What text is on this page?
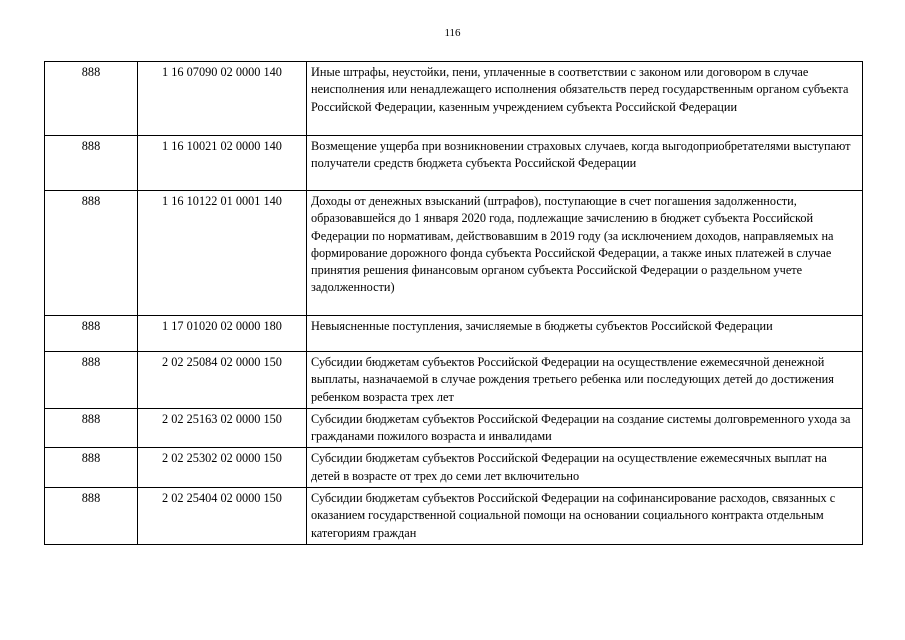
116
888	1 16 07090 02 0000 140	Иные штрафы, неустойки, пени, уплаченные в соответствии с законом или договором в случае неисполнения или ненадлежащего исполнения обязательств перед государственным органом субъекта Российской Федерации, казенным учреждением субъекта Российской Федерации
888	1 16 10021 02 0000 140	Возмещение ущерба при возникновении страховых случаев, когда выгодоприобретателями выступают получатели средств бюджета субъекта Российской Федерации
888	1 16 10122 01 0001 140	Доходы от денежных взысканий (штрафов), поступающие в счет погашения задолженности, образовавшейся до 1 января 2020 года, подлежащие зачислению в бюджет субъекта Российской Федерации по нормативам, действовавшим в 2019 году (за исключением доходов, направляемых на формирование дорожного фонда субъекта Российской Федерации, а также иных платежей в случае принятия решения финансовым органом субъекта Российской Федерации о раздельном учете задолженности)
888	1 17 01020 02 0000 180	Невыясненные поступления, зачисляемые в бюджеты субъектов Российской Федерации
888	2 02 25084 02 0000 150	Субсидии бюджетам субъектов Российской Федерации на осуществление ежемесячной денежной выплаты, назначаемой в случае рождения третьего ребенка или последующих детей до достижения ребенком возраста трех лет
888	2 02 25163 02 0000 150	Субсидии бюджетам субъектов Российской Федерации на создание системы долговременного ухода за гражданами пожилого возраста и инвалидами
888	2 02 25302 02 0000 150	Субсидии бюджетам субъектов Российской Федерации на осуществление ежемесячных выплат на детей в возрасте от трех до семи лет включительно
888	2 02 25404 02 0000 150	Субсидии бюджетам субъектов Российской Федерации на софинансирование расходов, связанных с оказанием государственной социальной помощи на основании социального контракта отдельным категориям граждан
